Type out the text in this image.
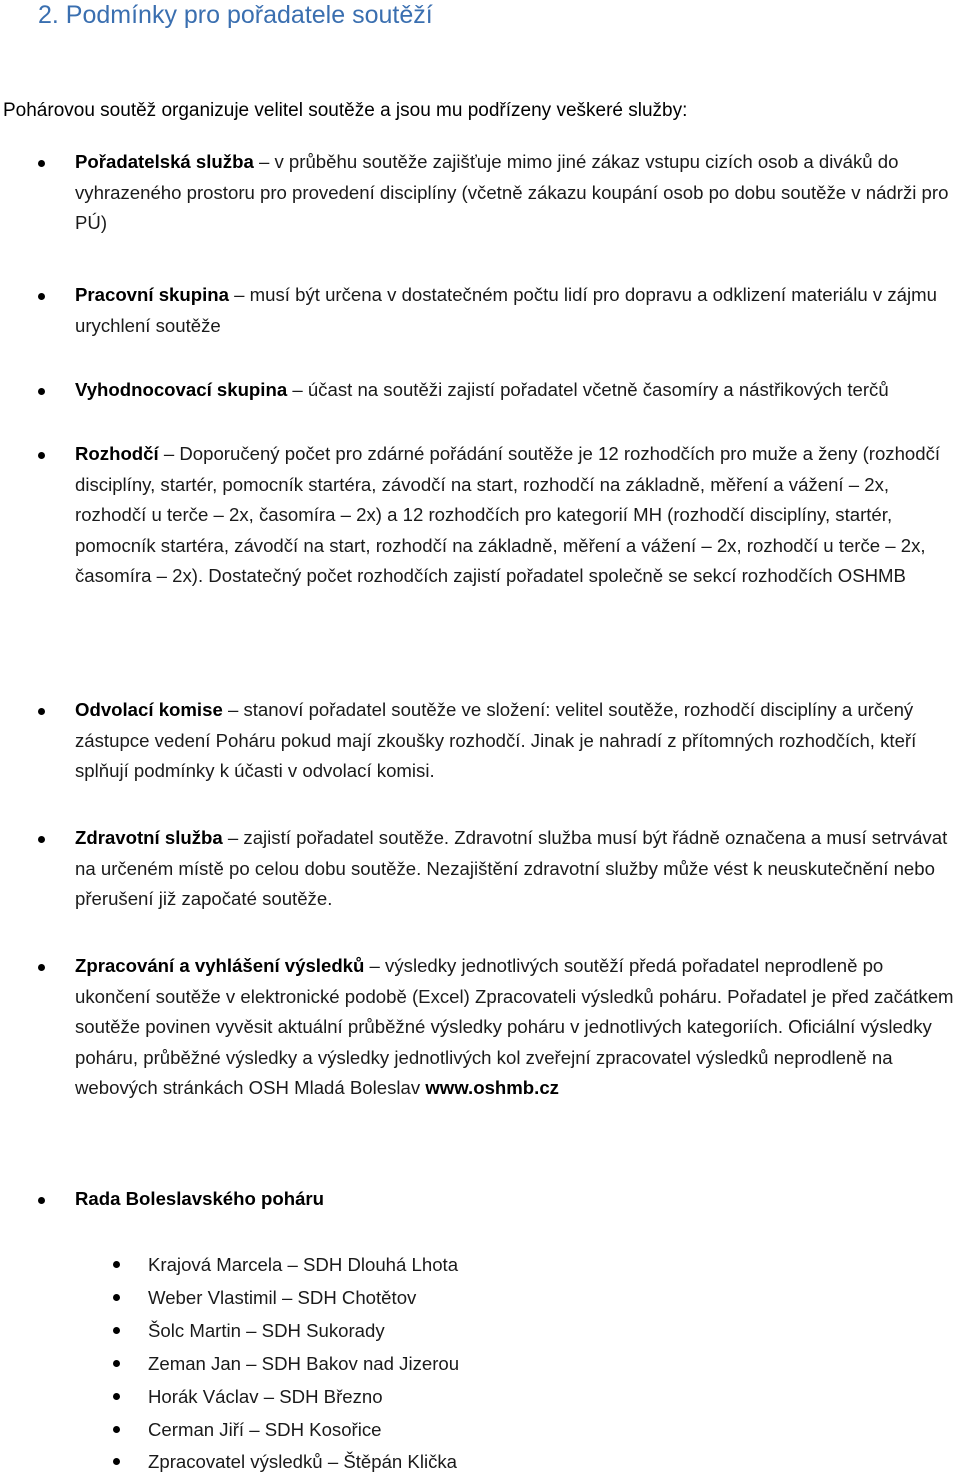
2. Podmínky pro pořadatele soutěží
Pohárovou soutěž organizuje velitel soutěže a jsou mu podřízeny veškeré služby:
Pořadatelská služba – v průběhu soutěže zajišťuje mimo jiné zákaz vstupu cizích osob a diváků do vyhrazeného prostoru pro provedení disciplíny (včetně zákazu koupání osob po dobu soutěže v nádrži pro PÚ)
Pracovní skupina – musí být určena v dostatečném počtu lidí pro dopravu a odklizení materiálu v zájmu urychlení soutěže
Vyhodnocovací skupina – účast na soutěži zajistí pořadatel včetně časomíry a nástřikových terčů
Rozhodčí – Doporučený počet pro zdárné pořádání soutěže je 12 rozhodčích pro muže a ženy (rozhodčí disciplíny, startér, pomocník startéra, závodčí na start, rozhodčí na základně, měření a vážení – 2x, rozhodčí u terče – 2x, časomíra – 2x) a 12 rozhodčích pro kategorií MH (rozhodčí disciplíny, startér, pomocník startéra, závodčí na start, rozhodčí na základně, měření a vážení – 2x, rozhodčí u terče – 2x, časomíra – 2x). Dostatečný počet rozhodčích zajistí pořadatel společně se sekcí rozhodčích OSHMB
Odvolací komise – stanoví pořadatel soutěže ve složení: velitel soutěže, rozhodčí disciplíny a určený zástupce vedení Poháru pokud mají zkoušky rozhodčí. Jinak je nahradí z přítomných rozhodčích, kteří splňují podmínky k účasti v odvolací komisi.
Zdravotní služba – zajistí pořadatel soutěže. Zdravotní služba musí být řádně označena a musí setrvávat na určeném místě po celou dobu soutěže. Nezajištění zdravotní služby může vést k neuskutečnění nebo přerušení již započaté soutěže.
Zpracování a vyhlášení výsledků – výsledky jednotlivých soutěží předá pořadatel neprodleně po ukončení soutěže v elektronické podobě (Excel) Zpracovateli výsledků poháru. Pořadatel je před začátkem soutěže povinen vyvěsit aktuální průběžné výsledky poháru v jednotlivých kategoriích. Oficiální výsledky poháru, průběžné výsledky a výsledky jednotlivých kol zveřejní zpracovatel výsledků neprodleně na webových stránkách OSH Mladá Boleslav www.oshmb.cz
Rada Boleslavského poháru
Krajová Marcela – SDH Dlouhá Lhota
Weber Vlastimil – SDH Chotětov
Šolc Martin – SDH Sukorady
Zeman Jan – SDH Bakov nad Jizerou
Horák Václav – SDH Březno
Cerman Jiří – SDH Kosořice
Zpracovatel výsledků – Štěpán Klička
